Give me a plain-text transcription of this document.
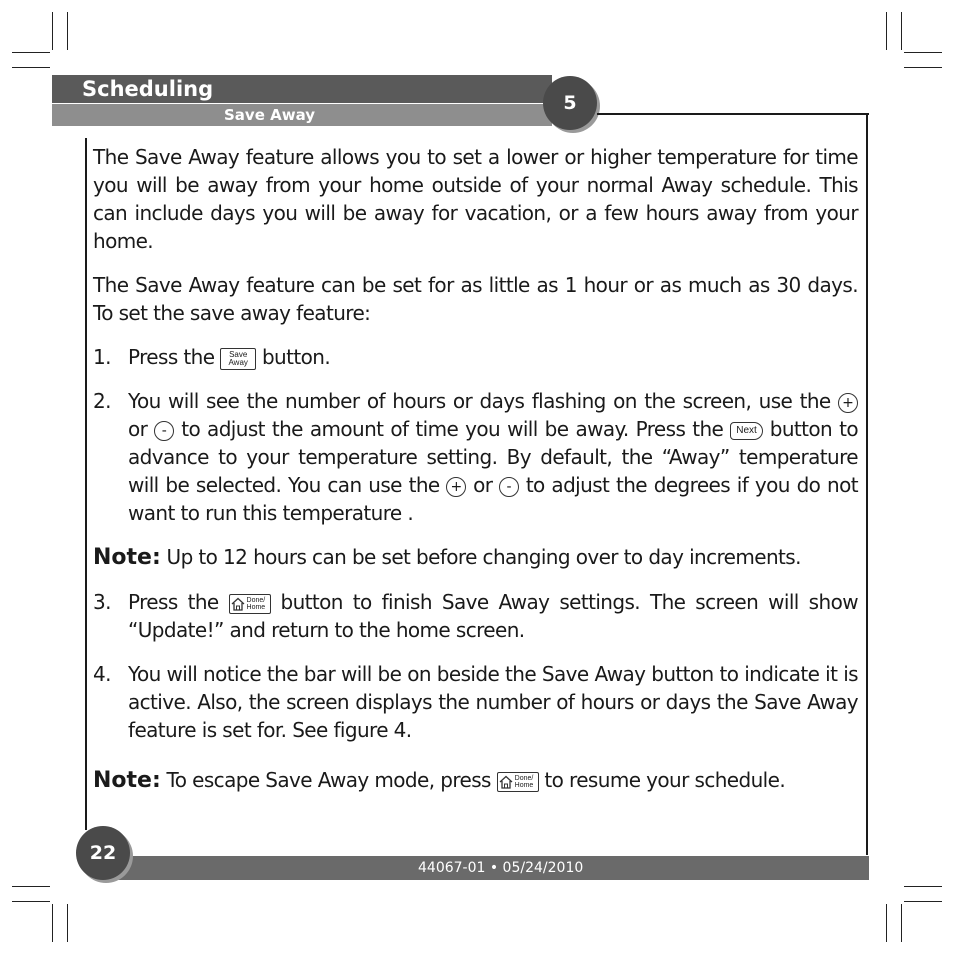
Scheduling
Save Away
5

The Save Away feature allows you to set a lower or higher temperature for time you will be away from your home outside of your normal Away schedule. This can include days you will be away for vacation, or a few hours away from your home.

The Save Away feature can be set for as little as 1 hour or as much as 30 days. To set the save away feature:

1. Press the Save
Away button.
2. You will see the number of hours or days flashing on the screen, use the + or - to adjust the amount of time you will be away. Press the Next button to advance to your temperature setting. By default, the “Away” temperature will be selected. You can use the + or - to adjust the degrees if you do not want to run this temperature .
Note: Up to 12 hours can be set before changing over to day increments.
3. Press the	Done/
Home button to finish Save Away settings. The screen will show “Update!” and return to the home screen.
4. You will notice the bar will be on beside the Save Away button to indicate it is active. Also, the screen displays the number of hours or days the Save Away feature is set for. See figure 4.
Note: To escape Save Away mode, press	Done/
Home to resume your schedule.
44067-01 • 05/24/2010
22
